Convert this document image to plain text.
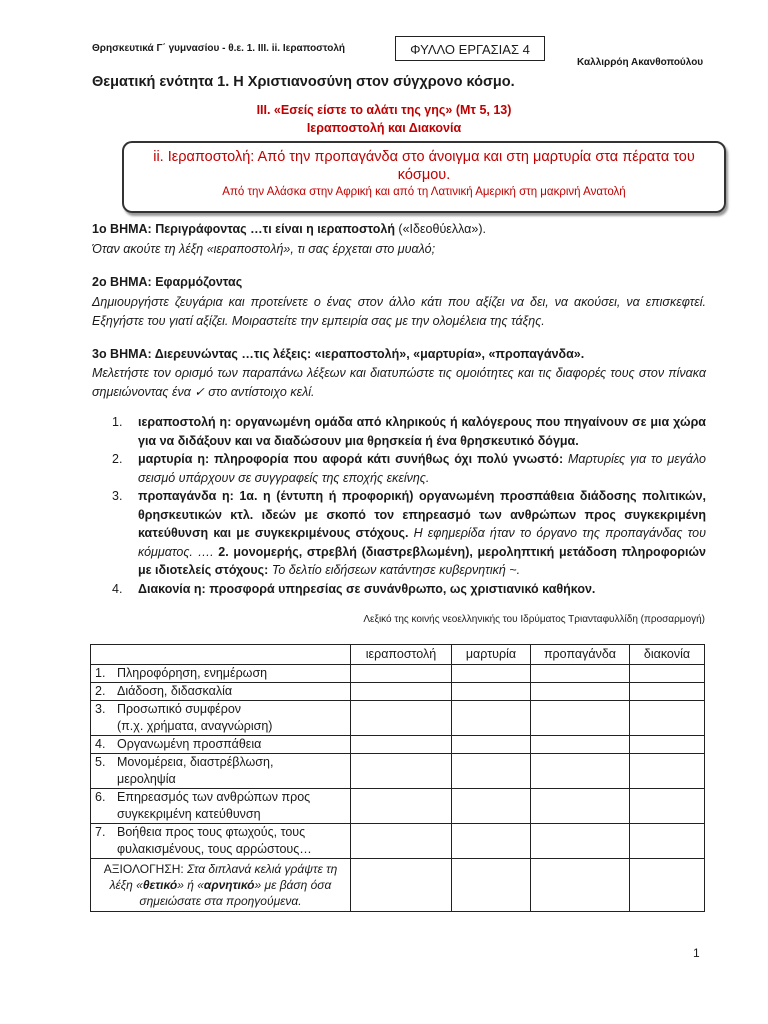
Θρησκευτικά Γ΄ γυμνασίου - θ.ε. 1. ΙΙΙ. ii. Ιεραποστολή	ΦΥΛΛΟ ΕΡΓΑΣΙΑΣ 4
Καλλιρρόη Ακανθοπούλου
Θεματική ενότητα 1. Η Χριστιανοσύνη στον σύγχρονο κόσμο.
ΙΙΙ. «Εσείς είστε το αλάτι της γης» (Μτ 5, 13)
Ιεραποστολή και Διακονία
ii. Ιεραποστολή: Από την προπαγάνδα στο άνοιγμα και στη μαρτυρία στα πέρατα του κόσμου.
Από την Αλάσκα στην Αφρική και από τη Λατινική Αμερική στη μακρινή Ανατολή
1ο ΒΗΜΑ: Περιγράφοντας …τι είναι η ιεραποστολή («Ιδεοθύελλα»).
Όταν ακούτε τη λέξη «ιεραποστολή», τι σας έρχεται στο μυαλό;
2ο ΒΗΜΑ: Εφαρμόζοντας
Δημιουργήστε ζευγάρια και προτείνετε ο ένας στον άλλο κάτι που αξίζει να δει, να ακούσει, να επισκεφτεί. Εξηγήστε του γιατί αξίζει. Μοιραστείτε την εμπειρία σας με την ολομέλεια της τάξης.
3ο ΒΗΜΑ: Διερευνώντας …τις λέξεις: «ιεραποστολή», «μαρτυρία», «προπαγάνδα».
Μελετήστε τον ορισμό των παραπάνω λέξεων και διατυπώστε τις ομοιότητες και τις διαφορές τους στον πίνακα σημειώνοντας ένα ✓ στο αντίστοιχο κελί.
1.	ιεραποστολή η: οργανωμένη ομάδα από κληρικούς ή καλόγερους που πηγαίνουν σε μια χώρα για να διδάξουν και να διαδώσουν μια θρησκεία ή ένα θρησκευτικό δόγμα.
2.	μαρτυρία η: πληροφορία που αφορά κάτι συνήθως όχι πολύ γνωστό: Μαρτυρίες για το μεγάλο σεισμό υπάρχουν σε συγγραφείς της εποχής εκείνης.
3.	προπαγάνδα η: 1α. η (έντυπη ή προφορική) οργανωμένη προσπάθεια διάδοσης πολιτικών, θρησκευτικών κτλ. ιδεών με σκοπό τον επηρεασμό των ανθρώπων προς συγκεκριμένη κατεύθυνση και με συγκεκριμένους στόχους. Η εφημερίδα ήταν το όργανο της προπαγάνδας του κόμματος. …. 2. μονομερής, στρεβλή (διαστρεβλωμένη), μεροληπτική μετάδοση πληροφοριών με ιδιοτελείς στόχους: Το δελτίο ειδήσεων κατάντησε κυβερνητική ~.
4.	Διακονία η: προσφορά υπηρεσίας σε συνάνθρωπο, ως χριστιανικό καθήκον.
Λεξικό της κοινής νεοελληνικής του Ιδρύματος Τριανταφυλλίδη (προσαρμογή)
	ιεραποστολή	μαρτυρία	προπαγάνδα	διακονία
1. Πληροφόρηση, ενημέρωση				
2. Διάδοση, διδασκαλία				
3. Προσωπικό συμφέρον
(π.χ. χρήματα, αναγνώριση)				
4. Οργανωμένη προσπάθεια				
5. Μονομέρεια, διαστρέβλωση,
μεροληψία				
6. Επηρεασμός των ανθρώπων προς
συγκεκριμένη κατεύθυνση				
7. Βοήθεια προς τους φτωχούς, τους
φυλακισμένους, τους αρρώστους…				
ΑΞΙΟΛΟΓΗΣΗ: Στα διπλανά κελιά γράψτε τη λέξη «θετικό» ή «αρνητικό» με βάση όσα σημειώσατε στα προηγούμενα.				
1
